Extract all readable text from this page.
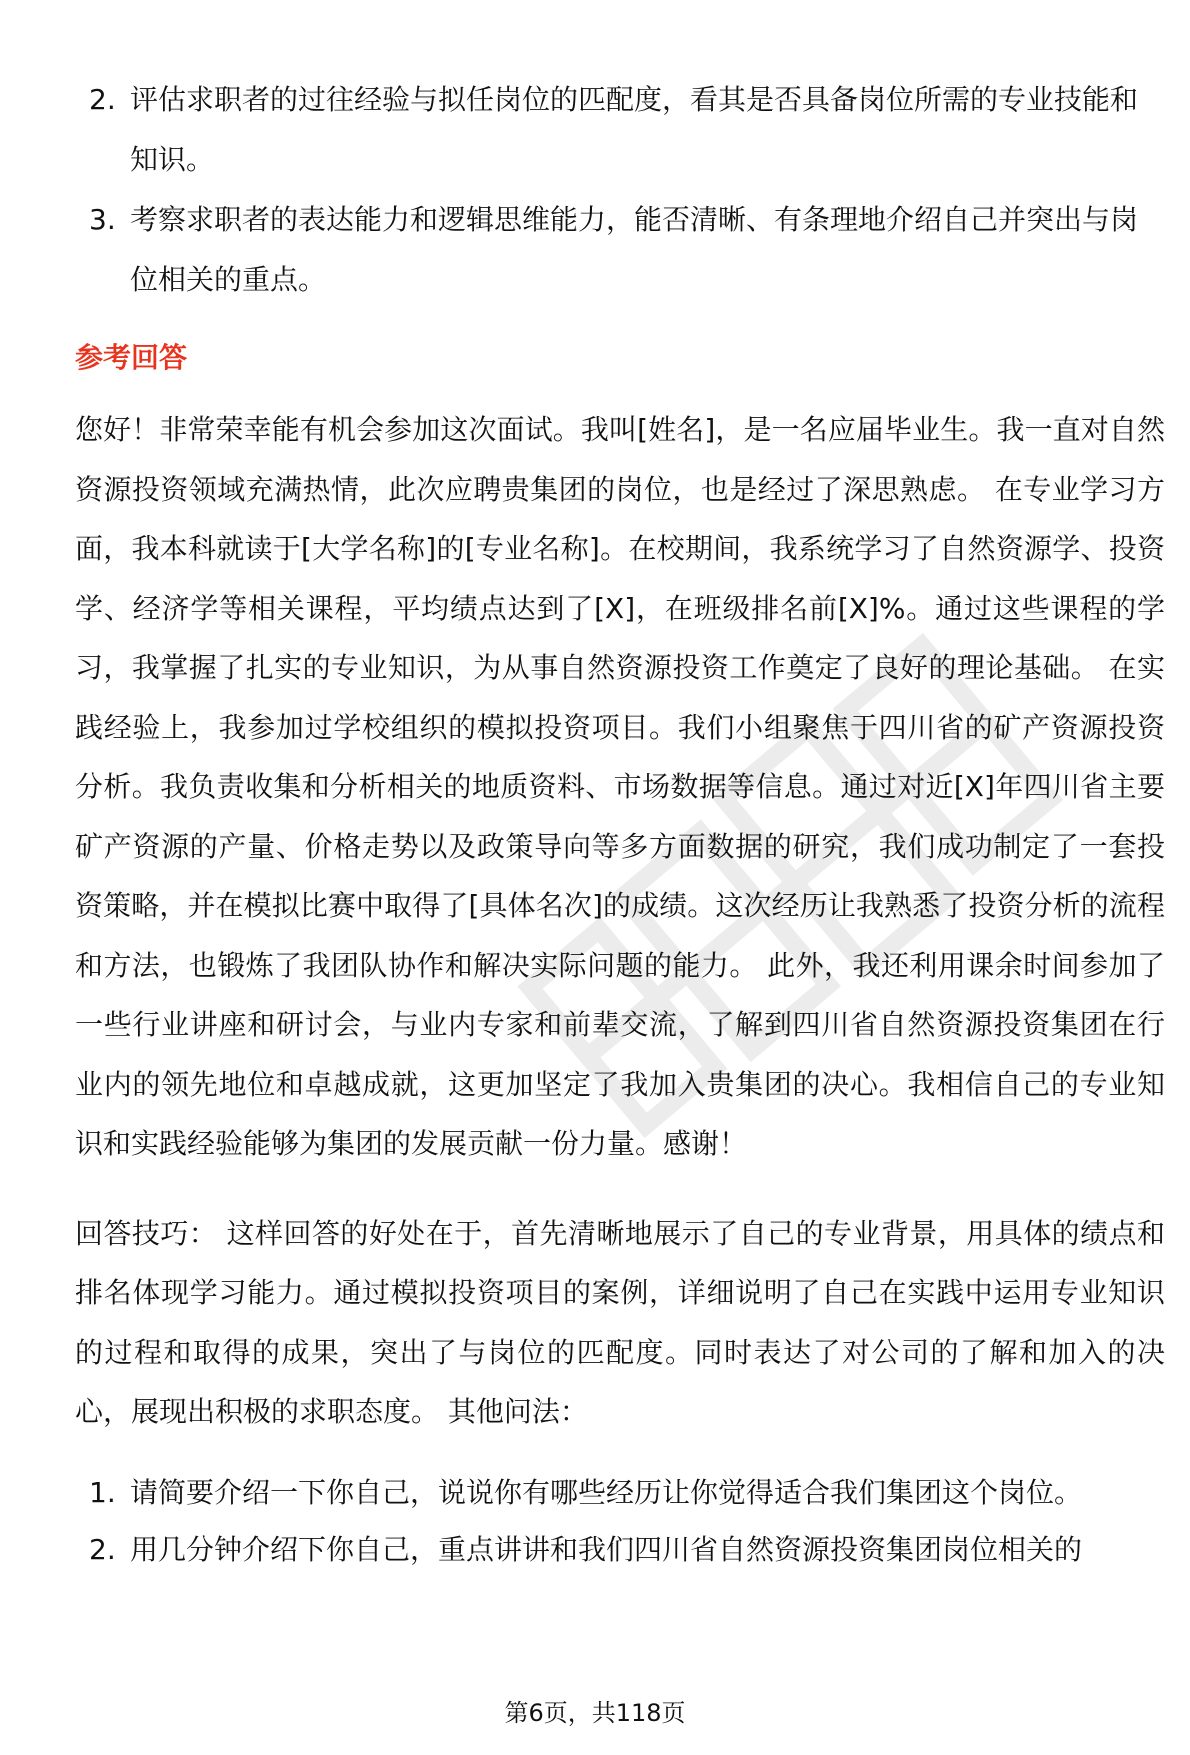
2. 评估求职者的过往经验与拟任岗位的匹配度，看其是否具备岗位所需的专业技能和知识。
3. 考察求职者的表达能力和逻辑思维能力，能否清晰、有条理地介绍自己并突出与岗位相关的重点。
参考回答

您好！非常荣幸能有机会参加这次面试。我叫[姓名]，是一名应届毕业生。我一直对自然资源投资领域充满热情，此次应聘贵集团的岗位，也是经过了深思熟虑。 在专业学习方面，我本科就读于[大学名称]的[专业名称]。在校期间，我系统学习了自然资源学、投资学、经济学等相关课程，平均绩点达到了[X]，在班级排名前[X]%。通过这些课程的学习，我掌握了扎实的专业知识，为从事自然资源投资工作奠定了良好的理论基础。 在实践经验上，我参加过学校组织的模拟投资项目。我们小组聚焦于四川省的矿产资源投资分析。我负责收集和分析相关的地质资料、市场数据等信息。通过对近[X]年四川省主要矿产资源的产量、价格走势以及政策导向等多方面数据的研究，我们成功制定了一套投资策略，并在模拟比赛中取得了[具体名次]的成绩。这次经历让我熟悉了投资分析的流程和方法，也锻炼了我团队协作和解决实际问题的能力。 此外，我还利用课余时间参加了一些行业讲座和研讨会，与业内专家和前辈交流，了解到四川省自然资源投资集团在行业内的领先地位和卓越成就，这更加坚定了我加入贵集团的决心。我相信自己的专业知识和实践经验能够为集团的发展贡献一份力量。感谢！

回答技巧： 这样回答的好处在于，首先清晰地展示了自己的专业背景，用具体的绩点和排名体现学习能力。通过模拟投资项目的案例，详细说明了自己在实践中运用专业知识的过程和取得的成果，突出了与岗位的匹配度。同时表达了对公司的了解和加入的决心，展现出积极的求职态度。 其他问法：

1. 请简要介绍一下你自己，说说你有哪些经历让你觉得适合我们集团这个岗位。
2. 用几分钟介绍下你自己，重点讲讲和我们四川省自然资源投资集团岗位相关的
第6页，共118页
